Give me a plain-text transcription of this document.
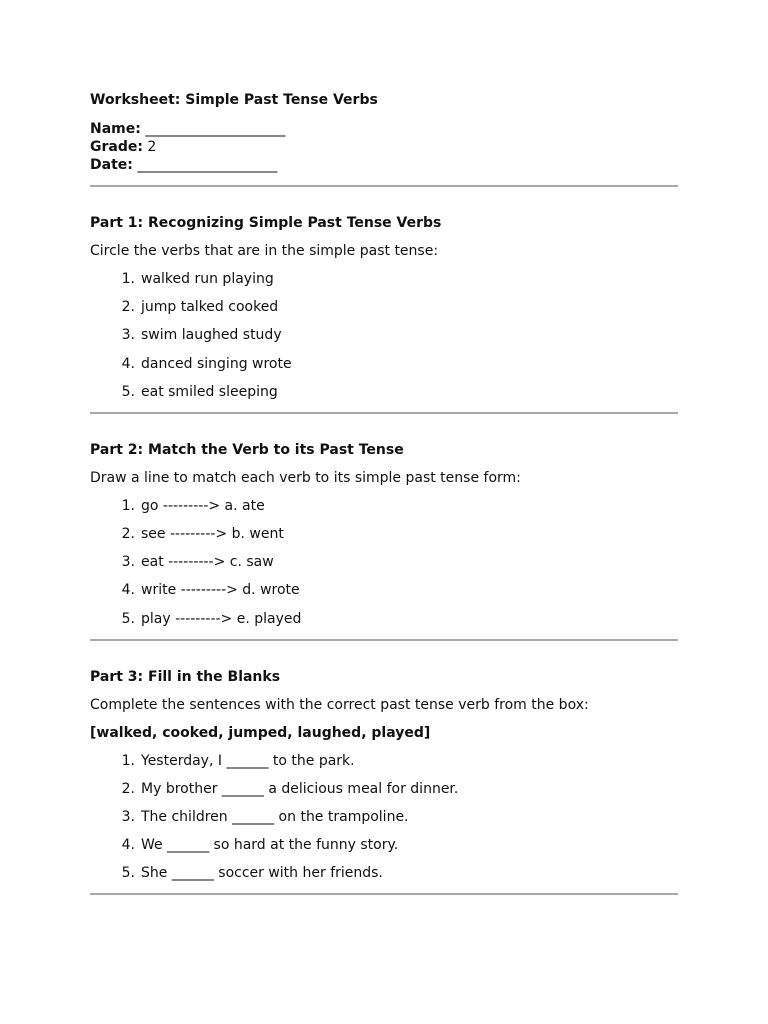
Worksheet: Simple Past Tense Verbs
Name: ____________________
Grade: 2
Date: ____________________
Part 1: Recognizing Simple Past Tense Verbs
Circle the verbs that are in the simple past tense:
1. walked run playing
2. jump talked cooked
3. swim laughed study
4. danced singing wrote
5. eat smiled sleeping
Part 2: Match the Verb to its Past Tense
Draw a line to match each verb to its simple past tense form:
1. go ---------> a. ate
2. see ---------> b. went
3. eat ---------> c. saw
4. write ---------> d. wrote
5. play ---------> e. played
Part 3: Fill in the Blanks
Complete the sentences with the correct past tense verb from the box:
[walked, cooked, jumped, laughed, played]
1. Yesterday, I ______ to the park.
2. My brother ______ a delicious meal for dinner.
3. The children ______ on the trampoline.
4. We ______ so hard at the funny story.
5. She ______ soccer with her friends.
